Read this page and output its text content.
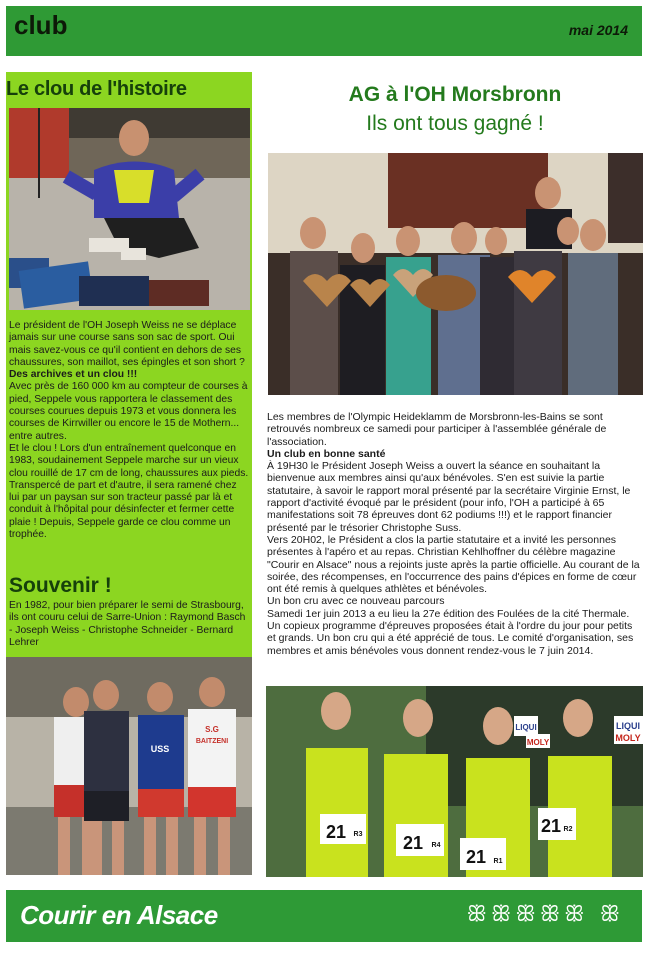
club	mai 2014
Le clou de l'histoire
Le président de l'OH Joseph Weiss ne se déplace jamais sur une course sans son sac de sport. Oui mais savez-vous ce qu'il contient en dehors de ses chaussures, son maillot, ses épingles et son short ? Des archives et un clou !!!
Avec près de 160 000 km au compteur de courses à pied, Seppele vous rapportera le classement des courses courues depuis 1973 et vous donnera les courses de Kirrwiller ou encore le 15 de Mothern... entre autres.
Et le clou ! Lors d'un entraînement quelconque en 1983, soudainement Seppele marche sur un vieux clou rouillé de 17 cm de long, chaussures aux pieds. Transpercé de part et d'autre, il sera ramené chez lui par un paysan sur son tracteur passé par là et conduit à l'hôpital pour désinfecter et fermer cette plaie ! Depuis, Seppele garde ce clou comme un trophée.
Souvenir !
En 1982, pour bien préparer le semi de Strasbourg, ils ont couru celui de Sarre-Union : Raymond Basch - Joseph Weiss - Christophe Schneider - Bernard Lehrer
S.G
BAITZENI
USS
AG à l'OH Morsbronn
Ils ont tous gagné !

Les membres de l'Olympic Heideklamm de Morsbronn-les-Bains se sont retrouvés nombreux ce samedi pour participer à l'assemblée générale de l'association.

Un club en bonne santé

À 19H30 le Président Joseph Weiss a ouvert la séance en souhaitant la bienvenue aux membres ainsi qu'aux bénévoles. S'en est suivie la partie statutaire, à savoir le rapport moral présenté par la secrétaire Virginie Ernst, le rapport d'activité évoqué par le président (pour info, l'OH a participé à 65 manifestations soit 78 épreuves dont 62 podiums !!!) et le rapport financier présenté par le trésorier Christophe Suss.

Vers 20H02, le Président a clos la partie statutaire et a invité les personnes présentes à l'apéro et au repas. Christian Kehlhoffner du célèbre magazine "Courir en Alsace" nous a rejoints juste après la partie officielle. Au courant de la soirée, des récompenses, en l'occurrence des pains d'épices en forme de cœur ont été remis à quelques athlètes et bénévoles.

Un bon cru avec ce nouveau parcours

Samedi 1er juin 2013 a eu lieu la 27e édition des Foulées de la cité Thermale. Un copieux programme d'épreuves proposées était à l'ordre du jour pour petits et grands. Un bon cru qui a été apprécié de tous. Le comité d'organisation, ses membres et amis bénévoles vous donnent rendez-vous le 7 juin 2014.

LIQUI	LIQUI
MOLY
MOLY
21 R3 21 R4
21 R1
21 R2
Courir en Alsace	ꕥꕥꕥꕥꕥ ꕥ
